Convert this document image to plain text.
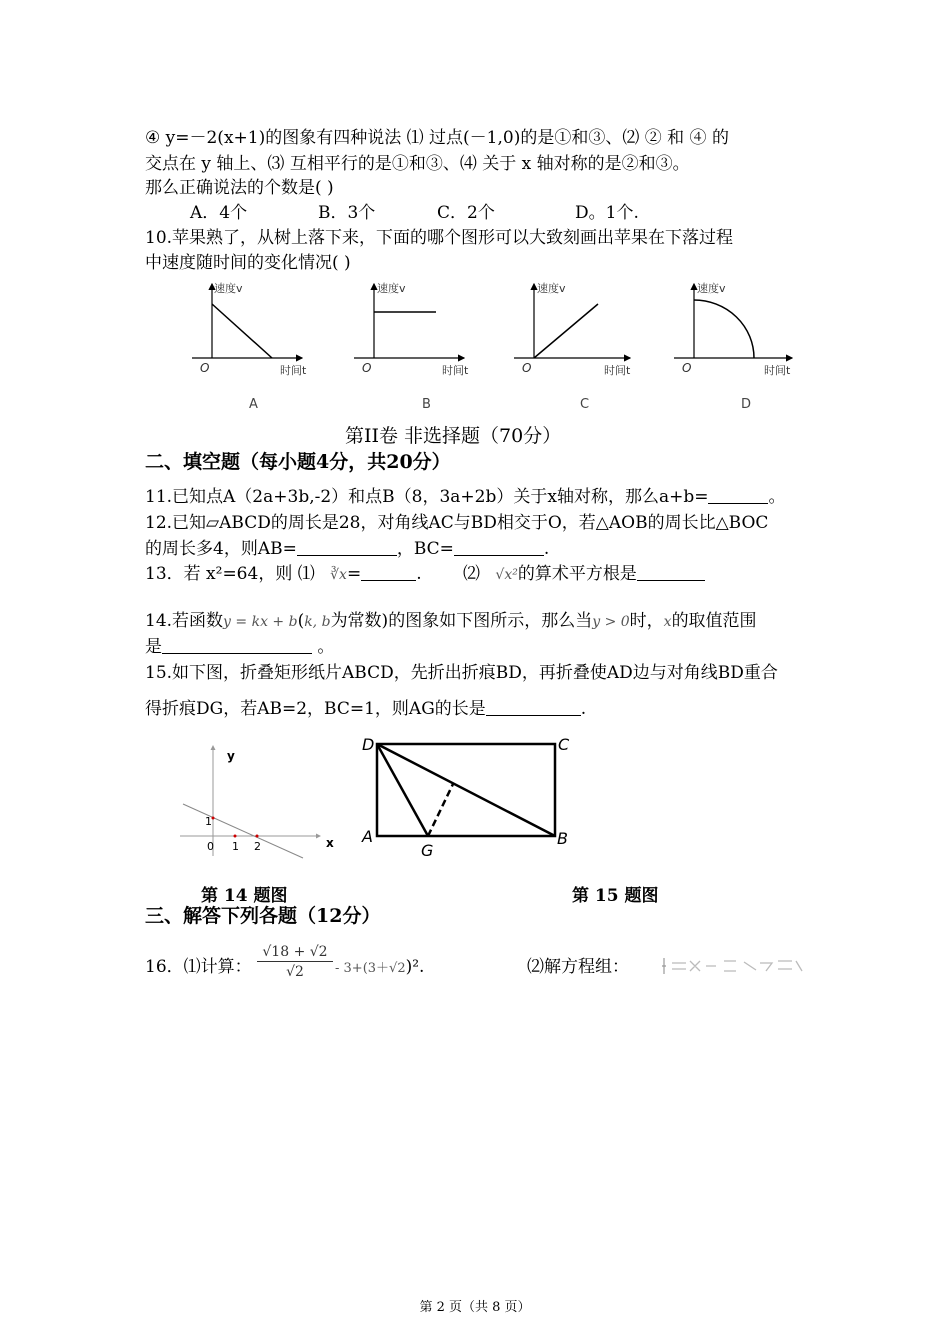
④ y=－2(x+1)的图象有四种说法 ⑴ 过点(－1,0)的是①和③、⑵ ② 和 ④ 的
交点在 y 轴上、⑶ 互相平行的是①和③、⑷ 关于 x 轴对称的是②和③。
那么正确说法的个数是( )
A．4个	B．3个	C．2个	D。1个.
10.苹果熟了，从树上落下来，下面的哪个图形可以大致刻画出苹果在下落过程
中速度随时间的变化情况( )
速度v
时间t
O
A
速度v
时间t
O
B
速度v
时间t
O
C
速度v
时间t
O
D
第II卷 非选择题（70分）
二、填空题（每小题4分，共20分）
11.已知点A（2a+3b,-2）和点B（8，3a+2b）关于x轴对称，那么a+b=	。
12.已知▱ABCD的周长是28，对角线AC与BD相交于O，若△AOB的周长比△BOC
的周长多4，则AB=	，BC=	.
13．若 x²=64，则 ⑴ ∛x=	. ⑵ √x²的算术平方根是
14.若函数y = kx + b(k, b为常数)的图象如下图所示，那么当y > 0时，x的取值范围
是	。
15.如下图，折叠矩形纸片ABCD，先折出折痕BD，再折叠使AD边与对角线BD重合
得折痕DG，若AB=2，BC=1，则AG的长是	.
y
x
1
0 1 2
D	C
A	B
G
第 14 题图	第 15 题图
三、解答下列各题（12分）
16．⑴计算： $\frac{√18 + √2}{√2} - 3+(3+√2)^2$.	⑵解方程组：
第 2 页（共 8 页）
